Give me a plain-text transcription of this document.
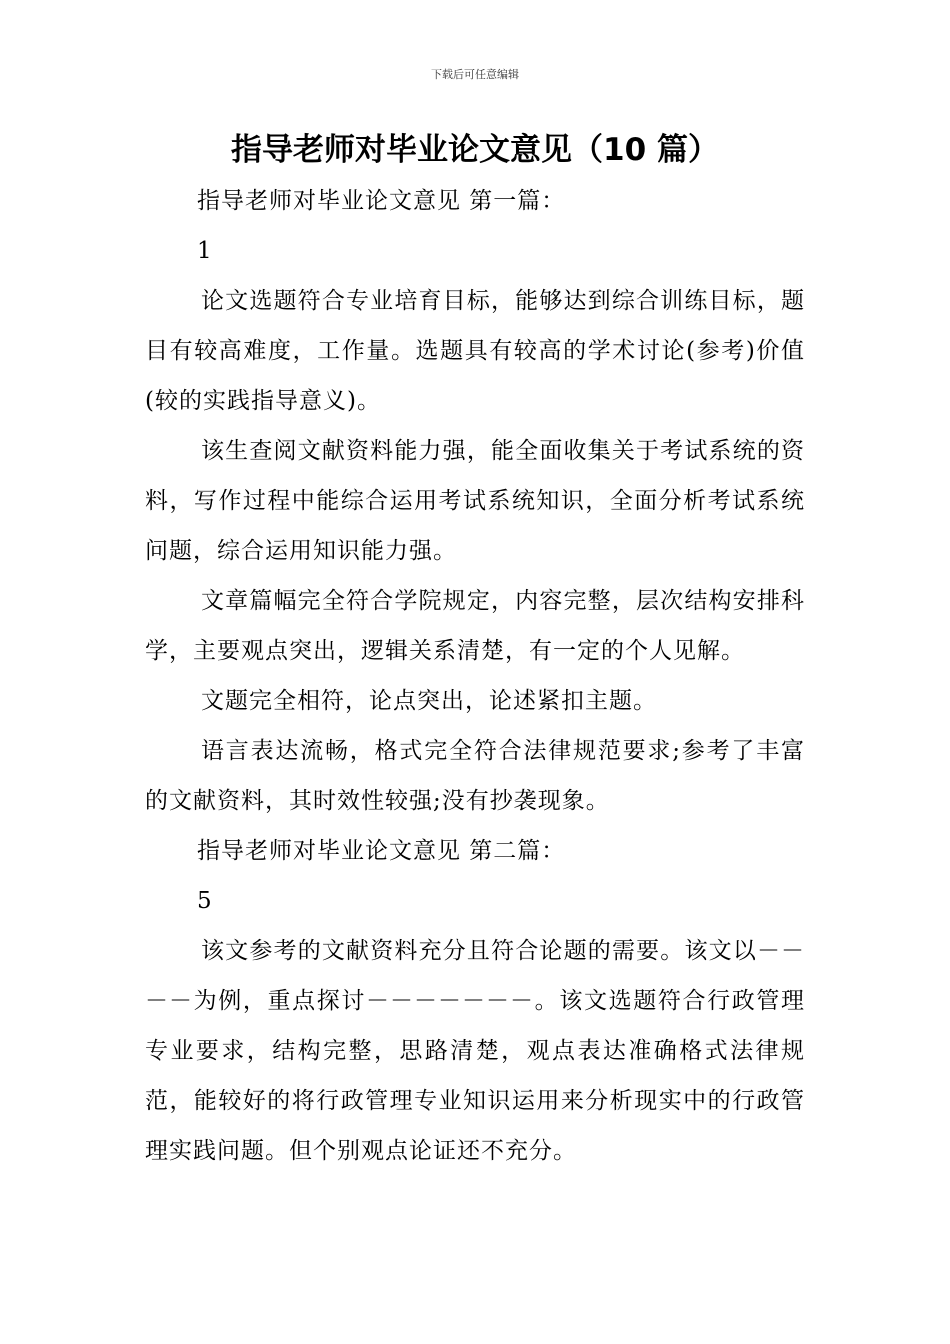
下载后可任意编辑
指导老师对毕业论文意见（10 篇）
指导老师对毕业论文意见 第一篇：
1

论文选题符合专业培育目标，能够达到综合训练目标，题目有较高难度，工作量。选题具有较高的学术讨论(参考)价值(较的实践指导意义)。

该生查阅文献资料能力强，能全面收集关于考试系统的资料，写作过程中能综合运用考试系统知识，全面分析考试系统问题，综合运用知识能力强。

文章篇幅完全符合学院规定，内容完整，层次结构安排科学，主要观点突出，逻辑关系清楚，有一定的个人见解。

文题完全相符，论点突出，论述紧扣主题。

语言表达流畅，格式完全符合法律规范要求;参考了丰富的文献资料，其时效性较强;没有抄袭现象。

指导老师对毕业论文意见 第二篇：
5

该文参考的文献资料充分且符合论题的需要。该文以－－－－为例，重点探讨－－－－－－－。该文选题符合行政管理专业要求，结构完整，思路清楚，观点表达准确格式法律规范，能较好的将行政管理专业知识运用来分析现实中的行政管理实践问题。但个别观点论证还不充分。
